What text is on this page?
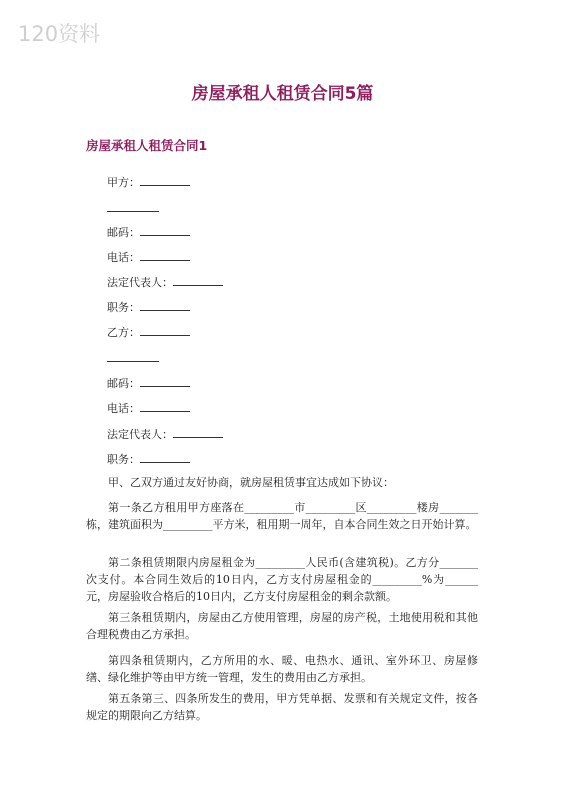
120资料
房屋承租人租赁合同5篇
房屋承租人租赁合同1
甲方：
邮码：
电话：
法定代表人：
职务：
乙方：
邮码：
电话：
法定代表人：
职务：
甲、乙双方通过友好协商，就房屋租赁事宜达成如下协议：
第一条乙方租用甲方座落在_________市_________区_________楼房_______栋，建筑面积为_________平方米，租用期一周年，自本合同生效之日开始计算。
第二条租赁期限内房屋租金为_________人民币(含建筑税)。乙方分_______次支付。本合同生效后的10日内，乙方支付房屋租金的_________%为______元，房屋验收合格后的10日内，乙方支付房屋租金的剩余款额。
第三条租赁期内，房屋由乙方使用管理，房屋的房产税，土地使用税和其他合理税费由乙方承担。
第四条租赁期内，乙方所用的水、暖、电热水、通讯、室外环卫、房屋修缮、绿化维护等由甲方统一管理，发生的费用由乙方承担。
第五条第三、四条所发生的费用，甲方凭单据、发票和有关规定文件，按各规定的期限向乙方结算。
